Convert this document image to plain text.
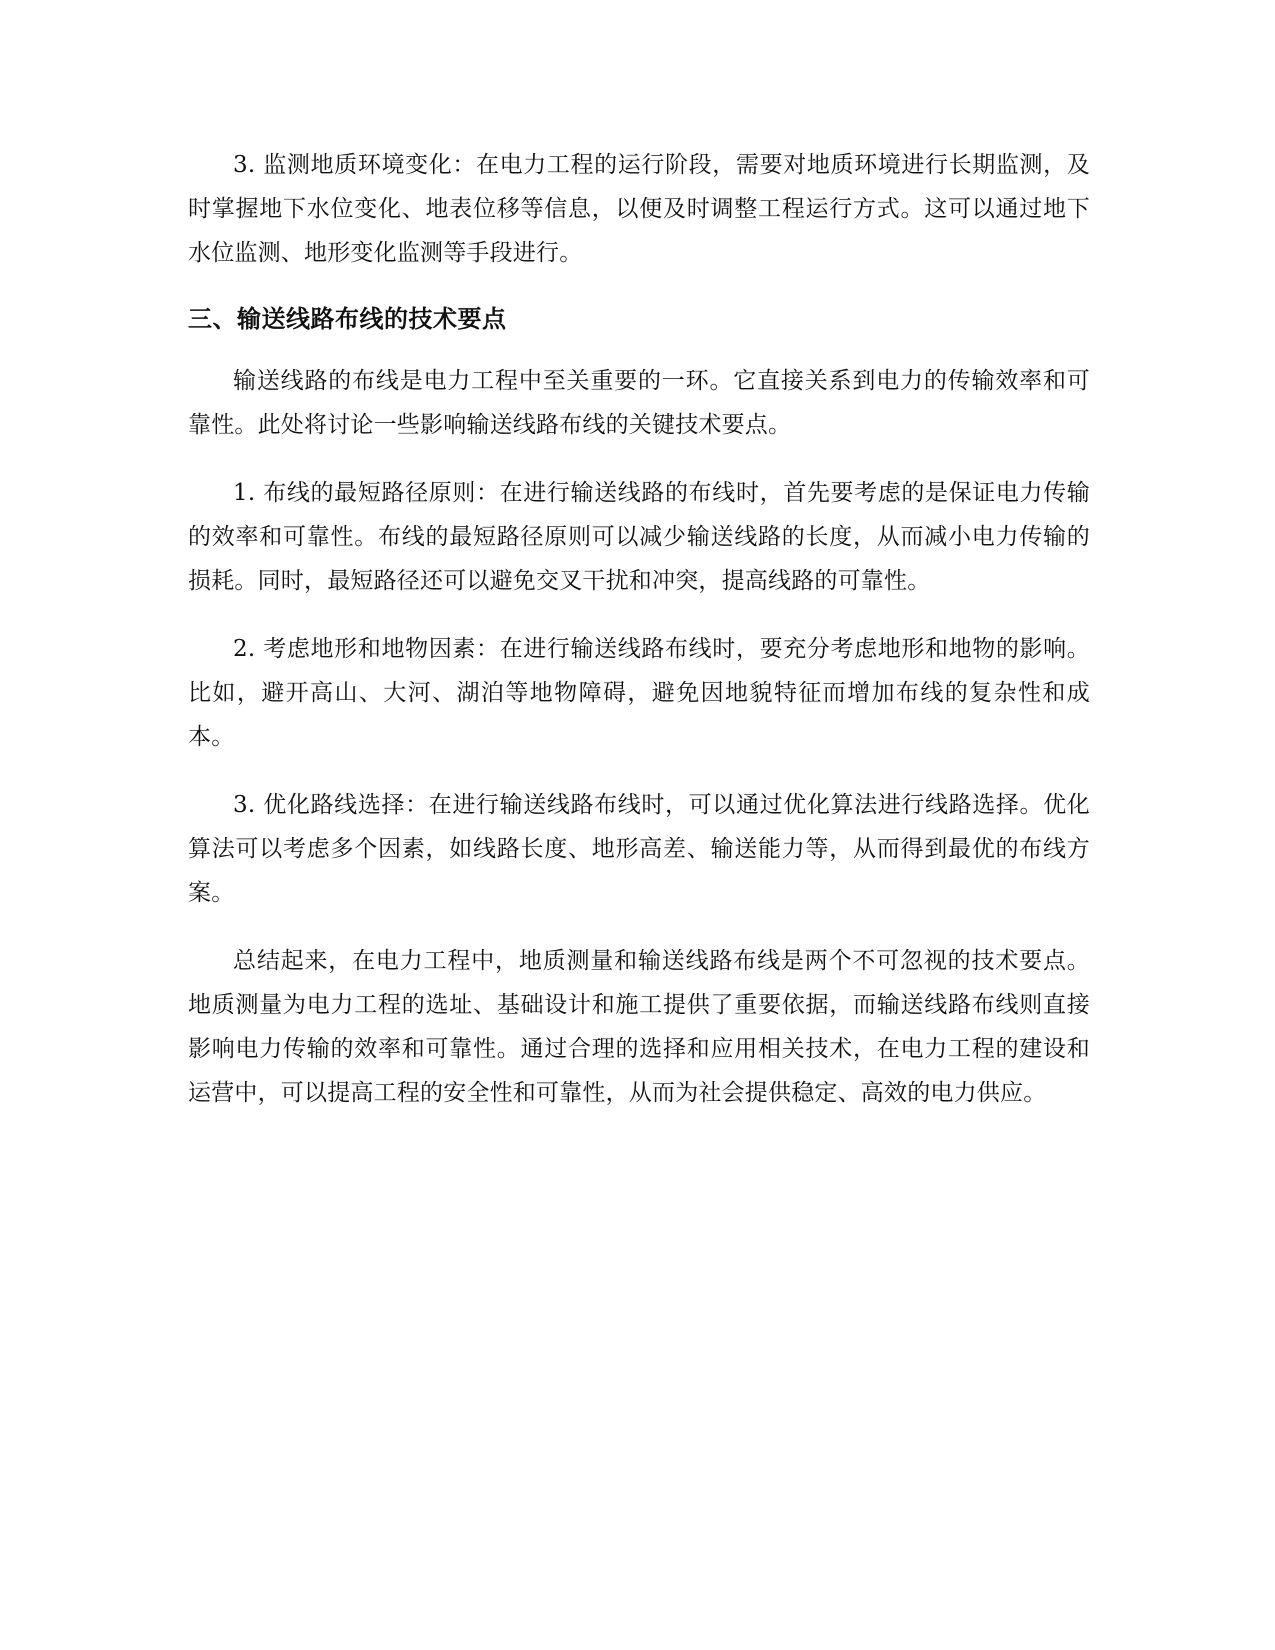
3. 监测地质环境变化：在电力工程的运行阶段，需要对地质环境进行长期监测，及时掌握地下水位变化、地表位移等信息，以便及时调整工程运行方式。这可以通过地下水位监测、地形变化监测等手段进行。

三、输送线路布线的技术要点

输送线路的布线是电力工程中至关重要的一环。它直接关系到电力的传输效率和可靠性。此处将讨论一些影响输送线路布线的关键技术要点。

1. 布线的最短路径原则：在进行输送线路的布线时，首先要考虑的是保证电力传输的效率和可靠性。布线的最短路径原则可以减少输送线路的长度，从而减小电力传输的损耗。同时，最短路径还可以避免交叉干扰和冲突，提高线路的可靠性。

2. 考虑地形和地物因素：在进行输送线路布线时，要充分考虑地形和地物的影响。比如，避开高山、大河、湖泊等地物障碍，避免因地貌特征而增加布线的复杂性和成本。

3. 优化路线选择：在进行输送线路布线时，可以通过优化算法进行线路选择。优化算法可以考虑多个因素，如线路长度、地形高差、输送能力等，从而得到最优的布线方案。

总结起来，在电力工程中，地质测量和输送线路布线是两个不可忽视的技术要点。地质测量为电力工程的选址、基础设计和施工提供了重要依据，而输送线路布线则直接影响电力传输的效率和可靠性。通过合理的选择和应用相关技术，在电力工程的建设和运营中，可以提高工程的安全性和可靠性，从而为社会提供稳定、高效的电力供应。
